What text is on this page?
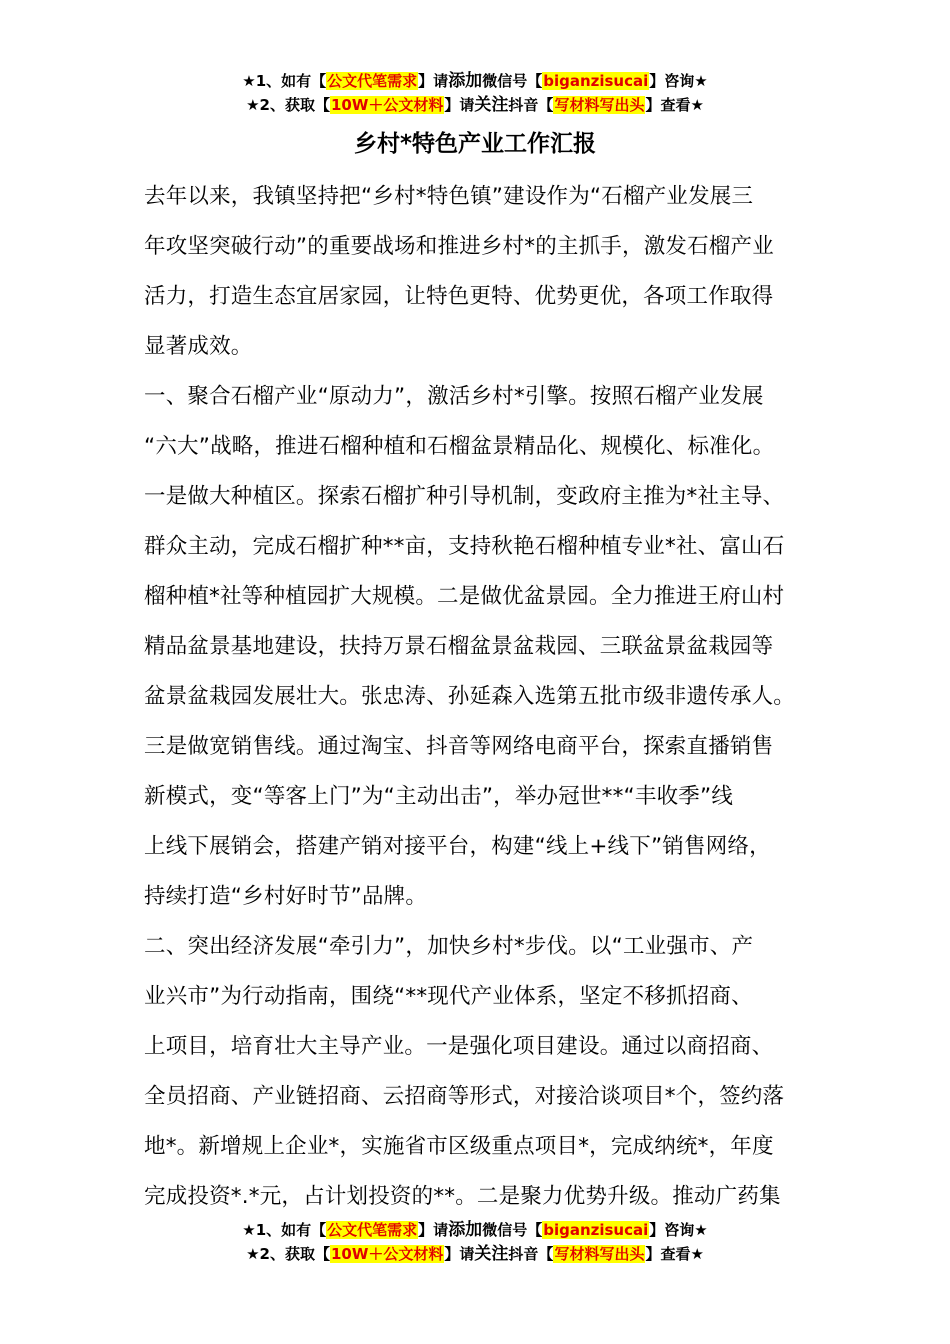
★1、如有【公文代笔需求】请添加微信号【biganzisucai】咨询★
★2、获取【10W＋公文材料】请关注抖音【写材料写出头】查看★
乡村*特色产业工作汇报
去年以来，我镇坚持把“乡村*特色镇”建设作为“石榴产业发展三
年攻坚突破行动”的重要战场和推进乡村*的主抓手，激发石榴产业
活力，打造生态宜居家园，让特色更特、优势更优，各项工作取得
显著成效。
一、聚合石榴产业“原动力”，激活乡村*引擎。按照石榴产业发展
“六大”战略，推进石榴种植和石榴盆景精品化、规模化、标准化。
一是做大种植区。探索石榴扩种引导机制，变政府主推为*社主导、
群众主动，完成石榴扩种**亩，支持秋艳石榴种植专业*社、富山石
榴种植*社等种植园扩大规模。二是做优盆景园。全力推进王府山村
精品盆景基地建设，扶持万景石榴盆景盆栽园、三联盆景盆栽园等
盆景盆栽园发展壮大。张忠涛、孙延森入选第五批市级非遗传承人。
三是做宽销售线。通过淘宝、抖音等网络电商平台，探索直播销售
新模式，变“等客上门”为“主动出击”，举办冠世**“丰收季”线
上线下展销会，搭建产销对接平台，构建“线上+线下”销售网络，
持续打造“乡村好时节”品牌。
二、突出经济发展“牵引力”，加快乡村*步伐。以“工业强市、产
业兴市”为行动指南，围绕“**现代产业体系，坚定不移抓招商、
上项目，培育壮大主导产业。一是强化项目建设。通过以商招商、
全员招商、产业链招商、云招商等形式，对接洽谈项目*个，签约落
地*。新增规上企业*，实施省市区级重点项目*，完成纳统*，年度
完成投资*.*元，占计划投资的**。二是聚力优势升级。推动广药集
★1、如有【公文代笔需求】请添加微信号【biganzisucai】咨询★
★2、获取【10W＋公文材料】请关注抖音【写材料写出头】查看★
